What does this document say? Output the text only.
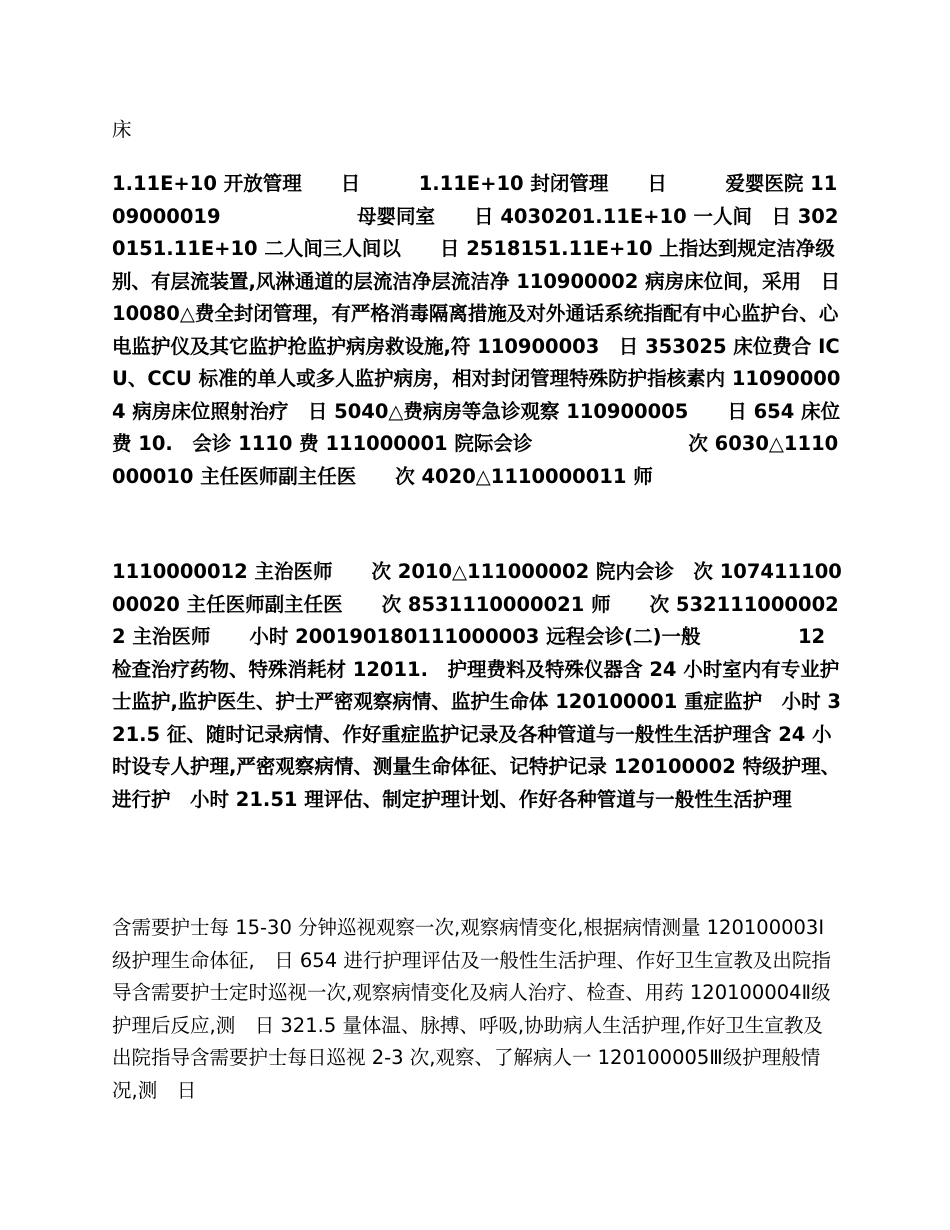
床

1.11E+10 开放管理　　日　　　1.11E+10 封闭管理　　日　　　爱婴医院 1109000019　　　　　　　母婴同室　　日 4030201.11E+10 一人间　日 3020151.11E+10 二人间三人间以　　日 2518151.11E+10 上指达到规定洁净级别、有层流装置,风淋通道的层流洁净层流洁净 110900002 病房床位间，采用　日 10080△费全封闭管理，有严格消毒隔离措施及对外通话系统指配有中心监护台、心电监护仪及其它监护抢监护病房救设施,符 110900003　日 353025 床位费合 ICU、CCU 标准的单人或多人监护病房，相对封闭管理特殊防护指核素内 110900004 病房床位照射治疗　日 5040△费病房等急诊观察 110900005　　日 654 床位费 10.　会诊 1110 费 111000001 院际会诊　　　　　　　　次 6030△1110000010 主任医师副主任医　　次 4020△1110000011 师

1110000012 主治医师　　次 2010△111000002 院内会诊　次 10741110000020 主任医师副主任医　　次 8531110000021 师　　次 5321110000022 主治医师　　小时 200190180111000003 远程会诊(二)一般　　　　　12 检查治疗药物、特殊消耗材 12011.　护理费料及特殊仪器含 24 小时室内有专业护士监护,监护医生、护士严密观察病情、监护生命体 120100001 重症监护　小时 321.5 征、随时记录病情、作好重症监护记录及各种管道与一般性生活护理含 24 小时设专人护理,严密观察病情、测量生命体征、记特护记录 120100002 特级护理、进行护　小时 21.51 理评估、制定护理计划、作好各种管道与一般性生活护理

含需要护士每 15-30 分钟巡视观察一次,观察病情变化,根据病情测量 120100003Ⅰ级护理生命体征,　日 654 进行护理评估及一般性生活护理、作好卫生宣教及出院指导含需要护士定时巡视一次,观察病情变化及病人治疗、检查、用药 120100004Ⅱ级护理后反应,测　日 321.5 量体温、脉搏、呼吸,协助病人生活护理,作好卫生宣教及出院指导含需要护士每日巡视 2-3 次,观察、了解病人一 120100005Ⅲ级护理般情况,测　日
